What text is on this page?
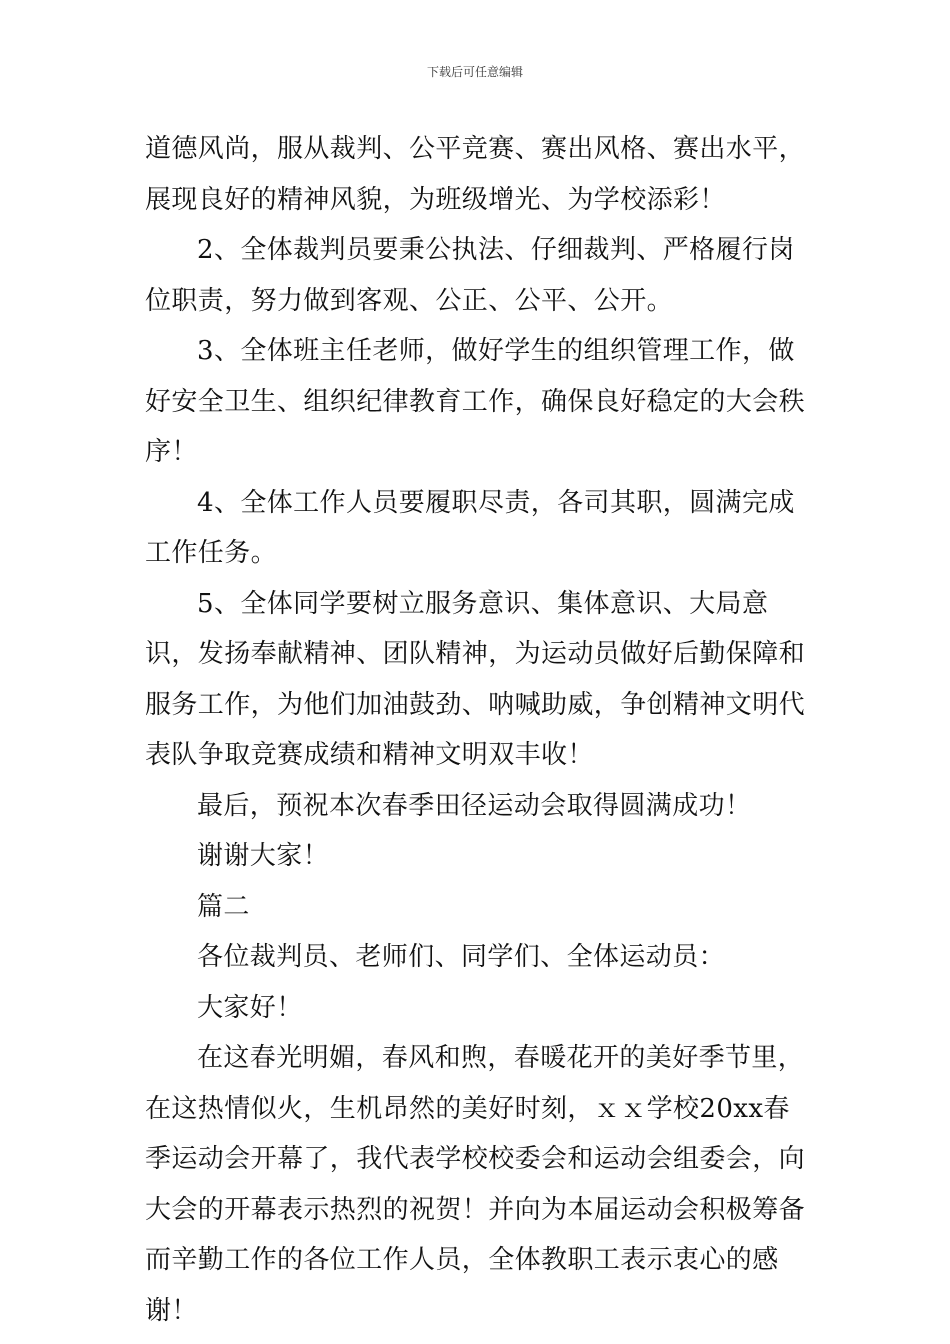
下载后可任意编辑

道德风尚，服从裁判、公平竞赛、赛出风格、赛出水平，展现良好的精神风貌，为班级增光、为学校添彩！

2、全体裁判员要秉公执法、仔细裁判、严格履行岗位职责，努力做到客观、公正、公平、公开。

3、全体班主任老师，做好学生的组织管理工作，做好安全卫生、组织纪律教育工作，确保良好稳定的大会秩序！

4、全体工作人员要履职尽责，各司其职，圆满完成工作任务。

5、全体同学要树立服务意识、集体意识、大局意识，发扬奉献精神、团队精神，为运动员做好后勤保障和服务工作，为他们加油鼓劲、呐喊助威，争创精神文明代表队争取竞赛成绩和精神文明双丰收！

最后，预祝本次春季田径运动会取得圆满成功！

谢谢大家！

篇二

各位裁判员、老师们、同学们、全体运动员：

大家好！

在这春光明媚，春风和煦，春暖花开的美好季节里，在这热情似火，生机昂然的美好时刻，ｘｘ学校20xx春季运动会开幕了，我代表学校校委会和运动会组委会，向大会的开幕表示热烈的祝贺！并向为本届运动会积极筹备而辛勤工作的各位工作人员，全体教职工表示衷心的感谢！
